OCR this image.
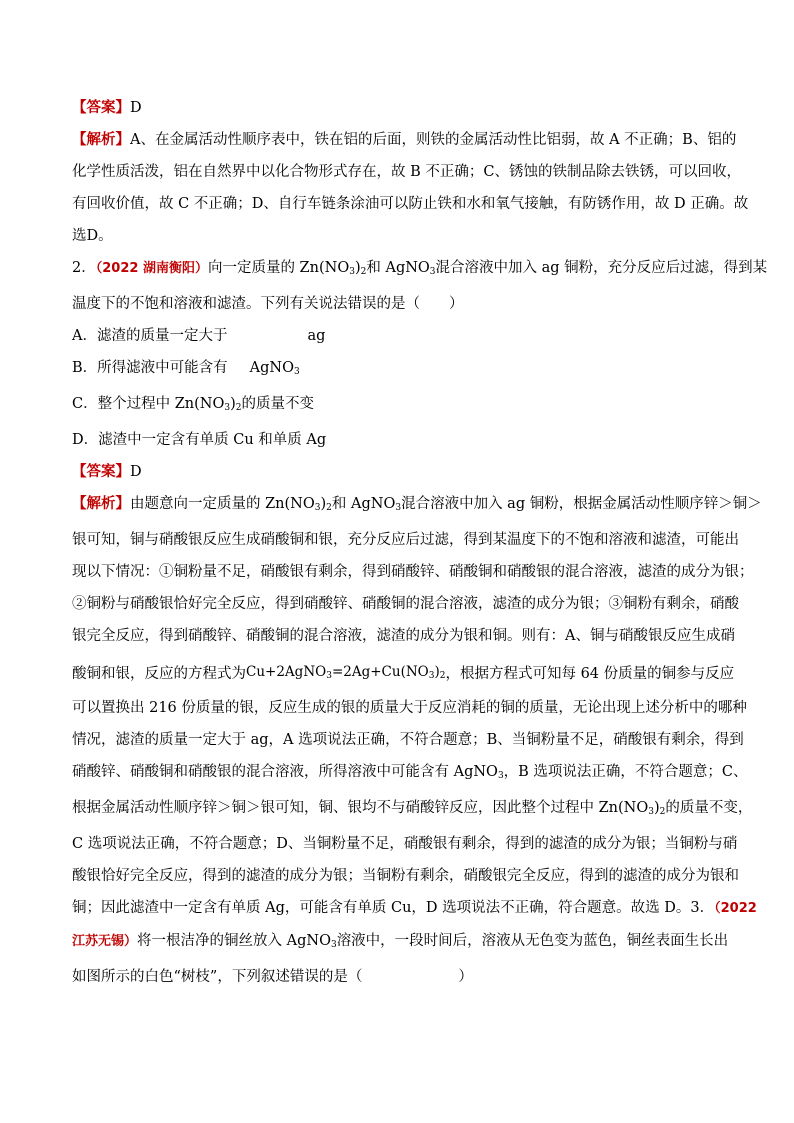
【答案】D
【解析】A、在金属活动性顺序表中，铁在铝的后面，则铁的金属活动性比铝弱，故 A 不正确；B、铝的
化学性质活泼，铝在自然界中以化合物形式存在，故 B 不正确；C、锈蚀的铁制品除去铁锈，可以回收，
有回收价值，故 C 不正确；D、自行车链条涂油可以防止铁和水和氧气接触，有防锈作用，故 D 正确。故
选D。
2．（2022 湖南衡阳）向一定质量的 $Zn(NO_3)_2$和 AgNO$_3$混合溶液中加入 ag 铜粉，充分反应后过滤，得到某
温度下的不饱和溶液和滤渣。下列有关说法错误的是（　　）
A．滤渣的质量一定大于	ag
B．所得滤液中可能含有 AgNO$_3$
C．整个过程中 $Zn(NO_3)_2$的质量不变
D．滤渣中一定含有单质 Cu 和单质 Ag
【答案】D
【解析】由题意向一定质量的 $Zn(NO_3)_2$和 AgNO$_3$混合溶液中加入 ag 铜粉，根据金属活动性顺序锌＞铜＞
银可知，铜与硝酸银反应生成硝酸铜和银，充分反应后过滤，得到某温度下的不饱和溶液和滤渣，可能出
现以下情况：①铜粉量不足，硝酸银有剩余，得到硝酸锌、硝酸铜和硝酸银的混合溶液，滤渣的成分为银；
②铜粉与硝酸银恰好完全反应，得到硝酸锌、硝酸铜的混合溶液，滤渣的成分为银；③铜粉有剩余，硝酸
银完全反应，得到硝酸锌、硝酸铜的混合溶液，滤渣的成分为银和铜。则有：A、铜与硝酸银反应生成硝
酸铜和银，反应的方程式为$Cu+2AgNO_3=2Ag+Cu(NO_3)_2$，根据方程式可知每 64 份质量的铜参与反应
可以置换出 216 份质量的银，反应生成的银的质量大于反应消耗的铜的质量，无论出现上述分析中的哪种
情况，滤渣的质量一定大于 ag，A 选项说法正确，不符合题意；B、当铜粉量不足，硝酸银有剩余，得到
硝酸锌、硝酸铜和硝酸银的混合溶液，所得溶液中可能含有 AgNO$_3$，B 选项说法正确，不符合题意；C、
根据金属活动性顺序锌＞铜＞银可知，铜、银均不与硝酸锌反应，因此整个过程中 $Zn(NO_3)_2$的质量不变，
C 选项说法正确，不符合题意；D、当铜粉量不足，硝酸银有剩余，得到的滤渣的成分为银；当铜粉与硝
酸银恰好完全反应，得到的滤渣的成分为银；当铜粉有剩余，硝酸银完全反应，得到的滤渣的成分为银和
铜；因此滤渣中一定含有单质 Ag，可能含有单质 Cu，D 选项说法不正确，符合题意。故选 D。3．（2022
江苏无锡）将一根洁净的铜丝放入 AgNO$_3$溶液中，一段时间后，溶液从无色变为蓝色，铜丝表面生长出
如图所示的白色“树枝”，下列叙述错误的是（	）
